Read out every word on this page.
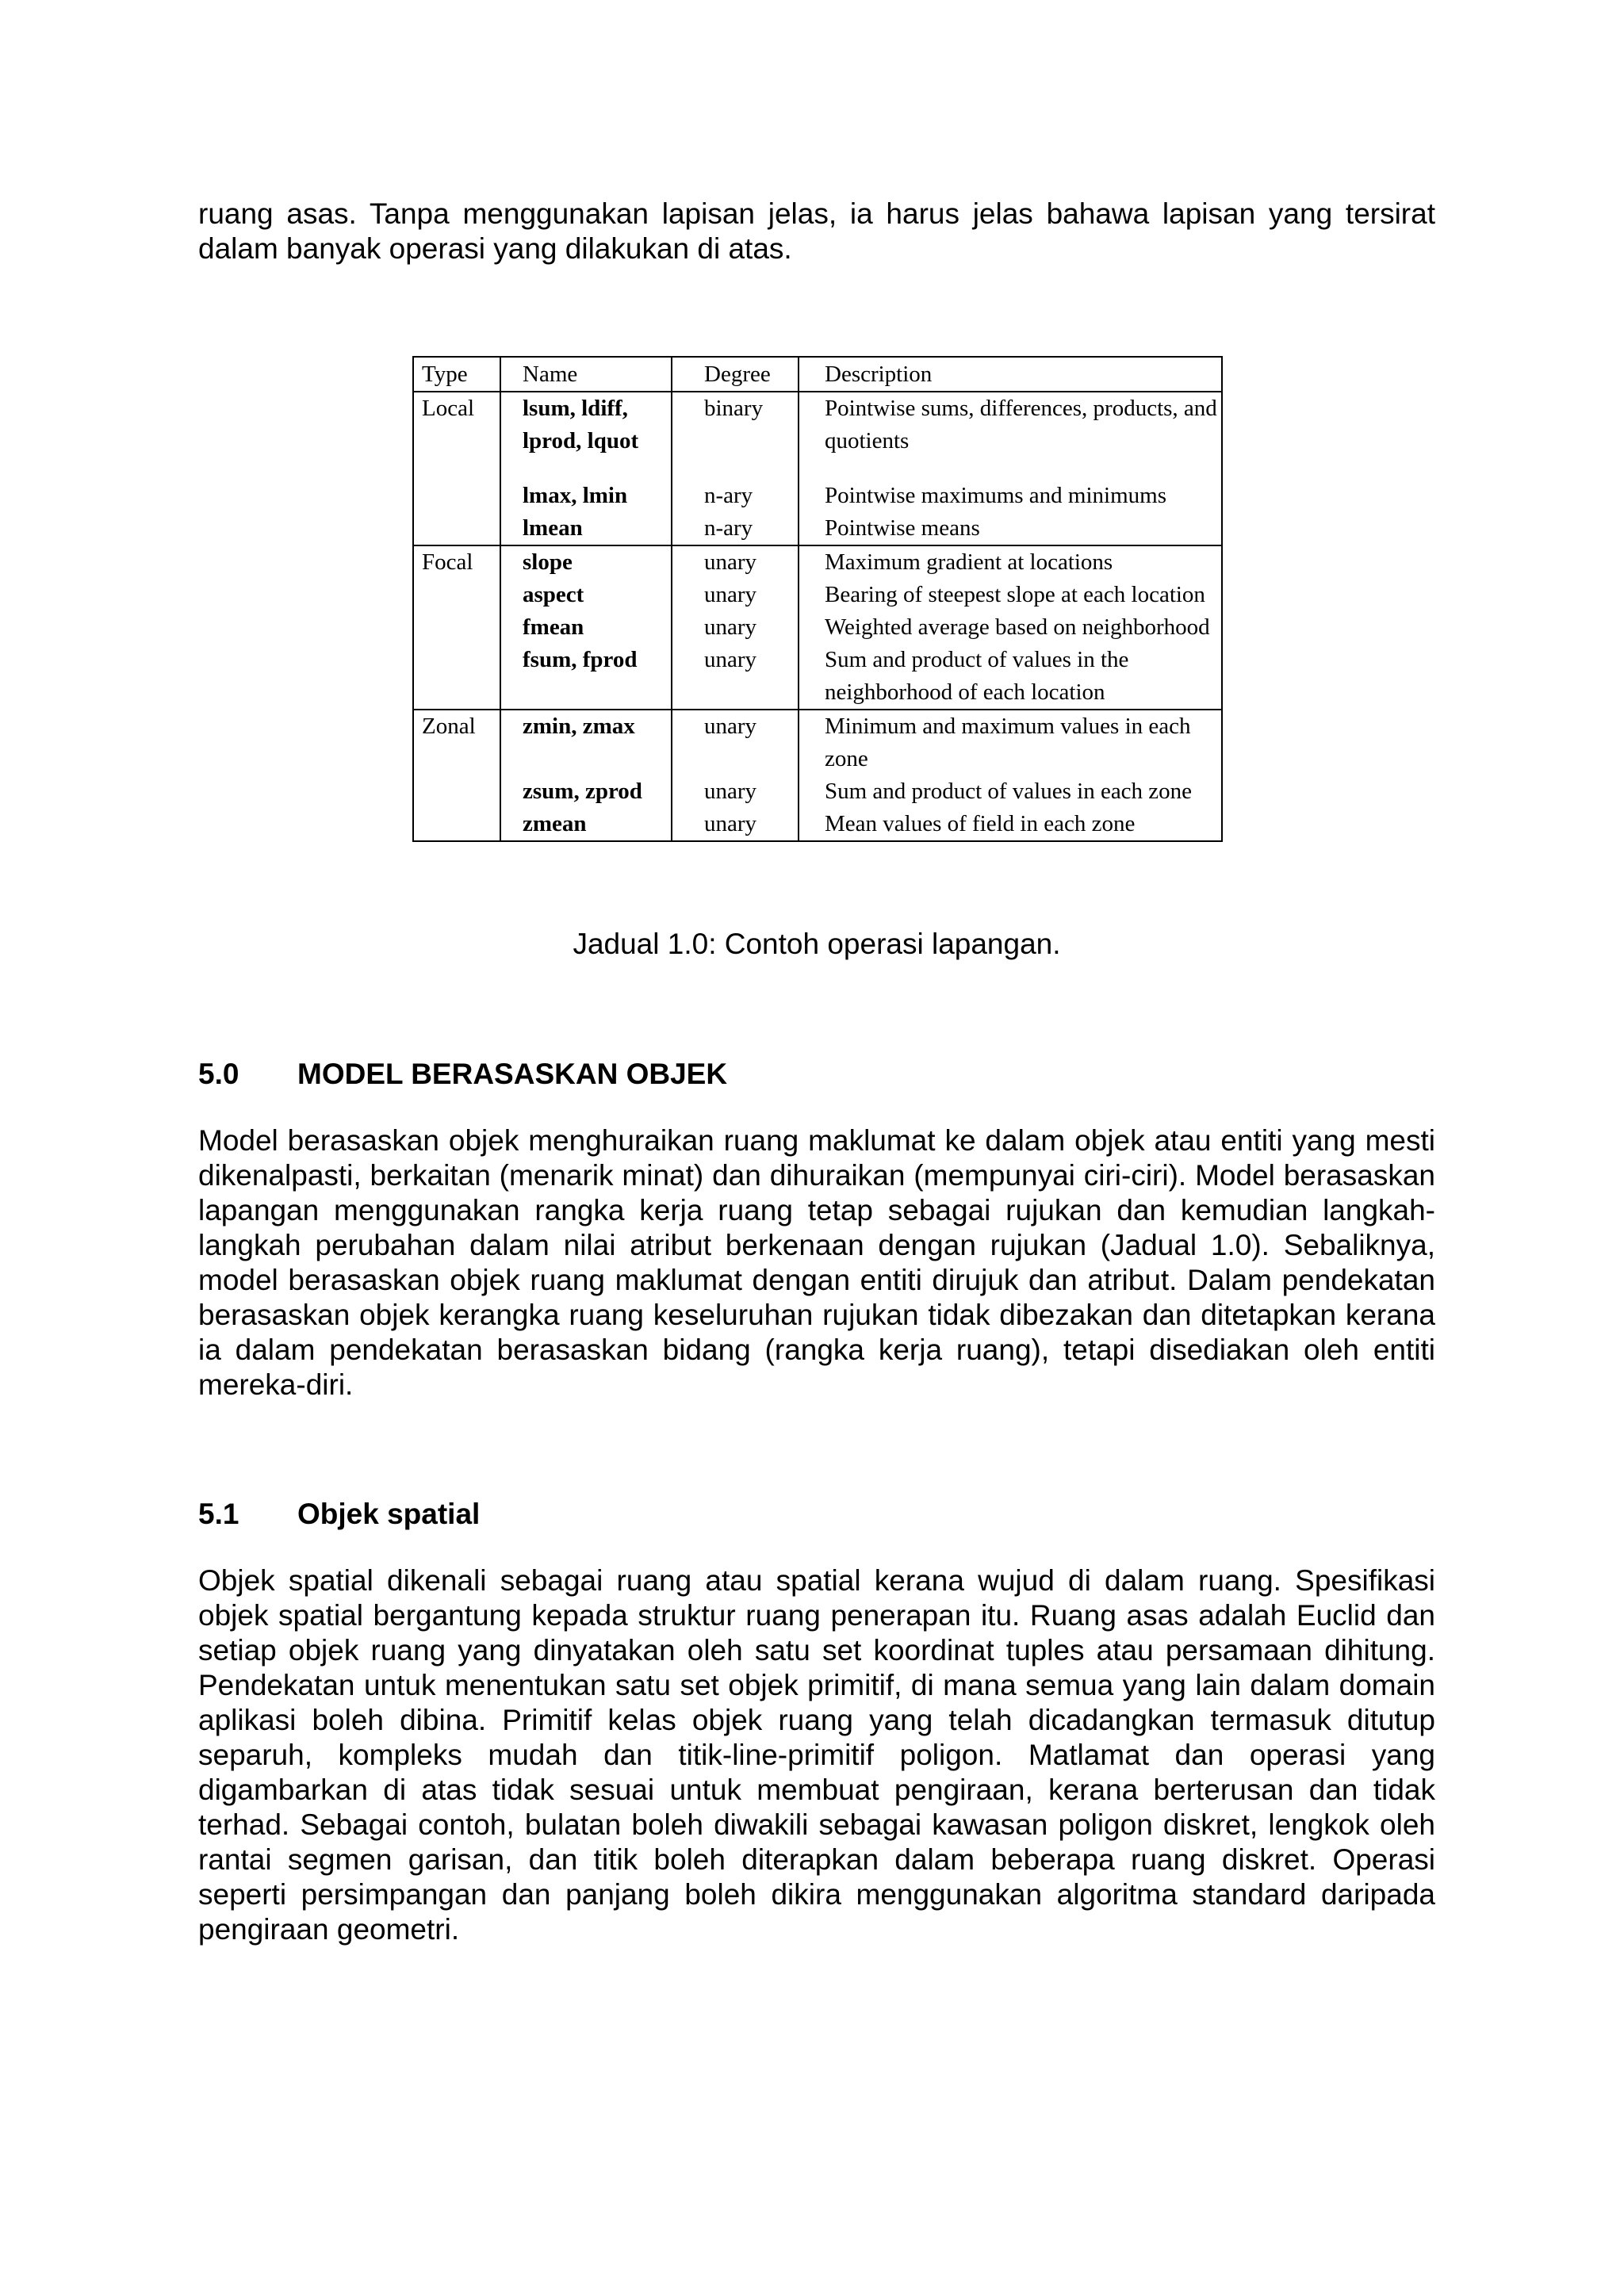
ruang asas. Tanpa menggunakan lapisan jelas, ia harus jelas bahawa lapisan yang tersirat dalam banyak operasi yang dilakukan di atas.

Type	Name	Degree	Description
Local	lsum, ldiff, lprod, lquot	binary	Pointwise sums, differences, products, and quotients

	lmax, lmin	n-ary	Pointwise maximums and minimums
	lmean	n-ary	Pointwise means
Focal	slope	unary	Maximum gradient at locations
	aspect	unary	Bearing of steepest slope at each location
	fmean	unary	Weighted average based on neighborhood
	fsum, fprod	unary	Sum and product of values in the neighborhood of each location
Zonal	zmin, zmax	unary	Minimum and maximum values in each zone
	zsum, zprod	unary	Sum and product of values in each zone
	zmean	unary	Mean values of field in each zone

Jadual 1.0: Contoh operasi lapangan.

5.0 MODEL BERASASKAN OBJEK

Model berasaskan objek menghuraikan ruang maklumat ke dalam objek atau entiti yang mesti dikenalpasti, berkaitan (menarik minat) dan dihuraikan (mempunyai ciri-ciri). Model berasaskan lapangan menggunakan rangka kerja ruang tetap sebagai rujukan dan kemudian langkah-langkah perubahan dalam nilai atribut berkenaan dengan rujukan (Jadual 1.0). Sebaliknya, model berasaskan objek ruang maklumat dengan entiti dirujuk dan atribut. Dalam pendekatan berasaskan objek kerangka ruang keseluruhan rujukan tidak dibezakan dan ditetapkan kerana ia dalam pendekatan berasaskan bidang (rangka kerja ruang), tetapi disediakan oleh entiti mereka-diri.

5.1 Objek spatial

Objek spatial dikenali sebagai ruang atau spatial kerana wujud di dalam ruang. Spesifikasi objek spatial bergantung kepada struktur ruang penerapan itu. Ruang asas adalah Euclid dan setiap objek ruang yang dinyatakan oleh satu set koordinat tuples atau persamaan dihitung. Pendekatan untuk menentukan satu set objek primitif, di mana semua yang lain dalam domain aplikasi boleh dibina. Primitif kelas objek ruang yang telah dicadangkan termasuk ditutup separuh, kompleks mudah dan titik-line-primitif poligon. Matlamat dan operasi yang digambarkan di atas tidak sesuai untuk membuat pengiraan, kerana berterusan dan tidak terhad. Sebagai contoh, bulatan boleh diwakili sebagai kawasan poligon diskret, lengkok oleh rantai segmen garisan, dan titik boleh diterapkan dalam beberapa ruang diskret. Operasi seperti persimpangan dan panjang boleh dikira menggunakan algoritma standard daripada pengiraan geometri.
